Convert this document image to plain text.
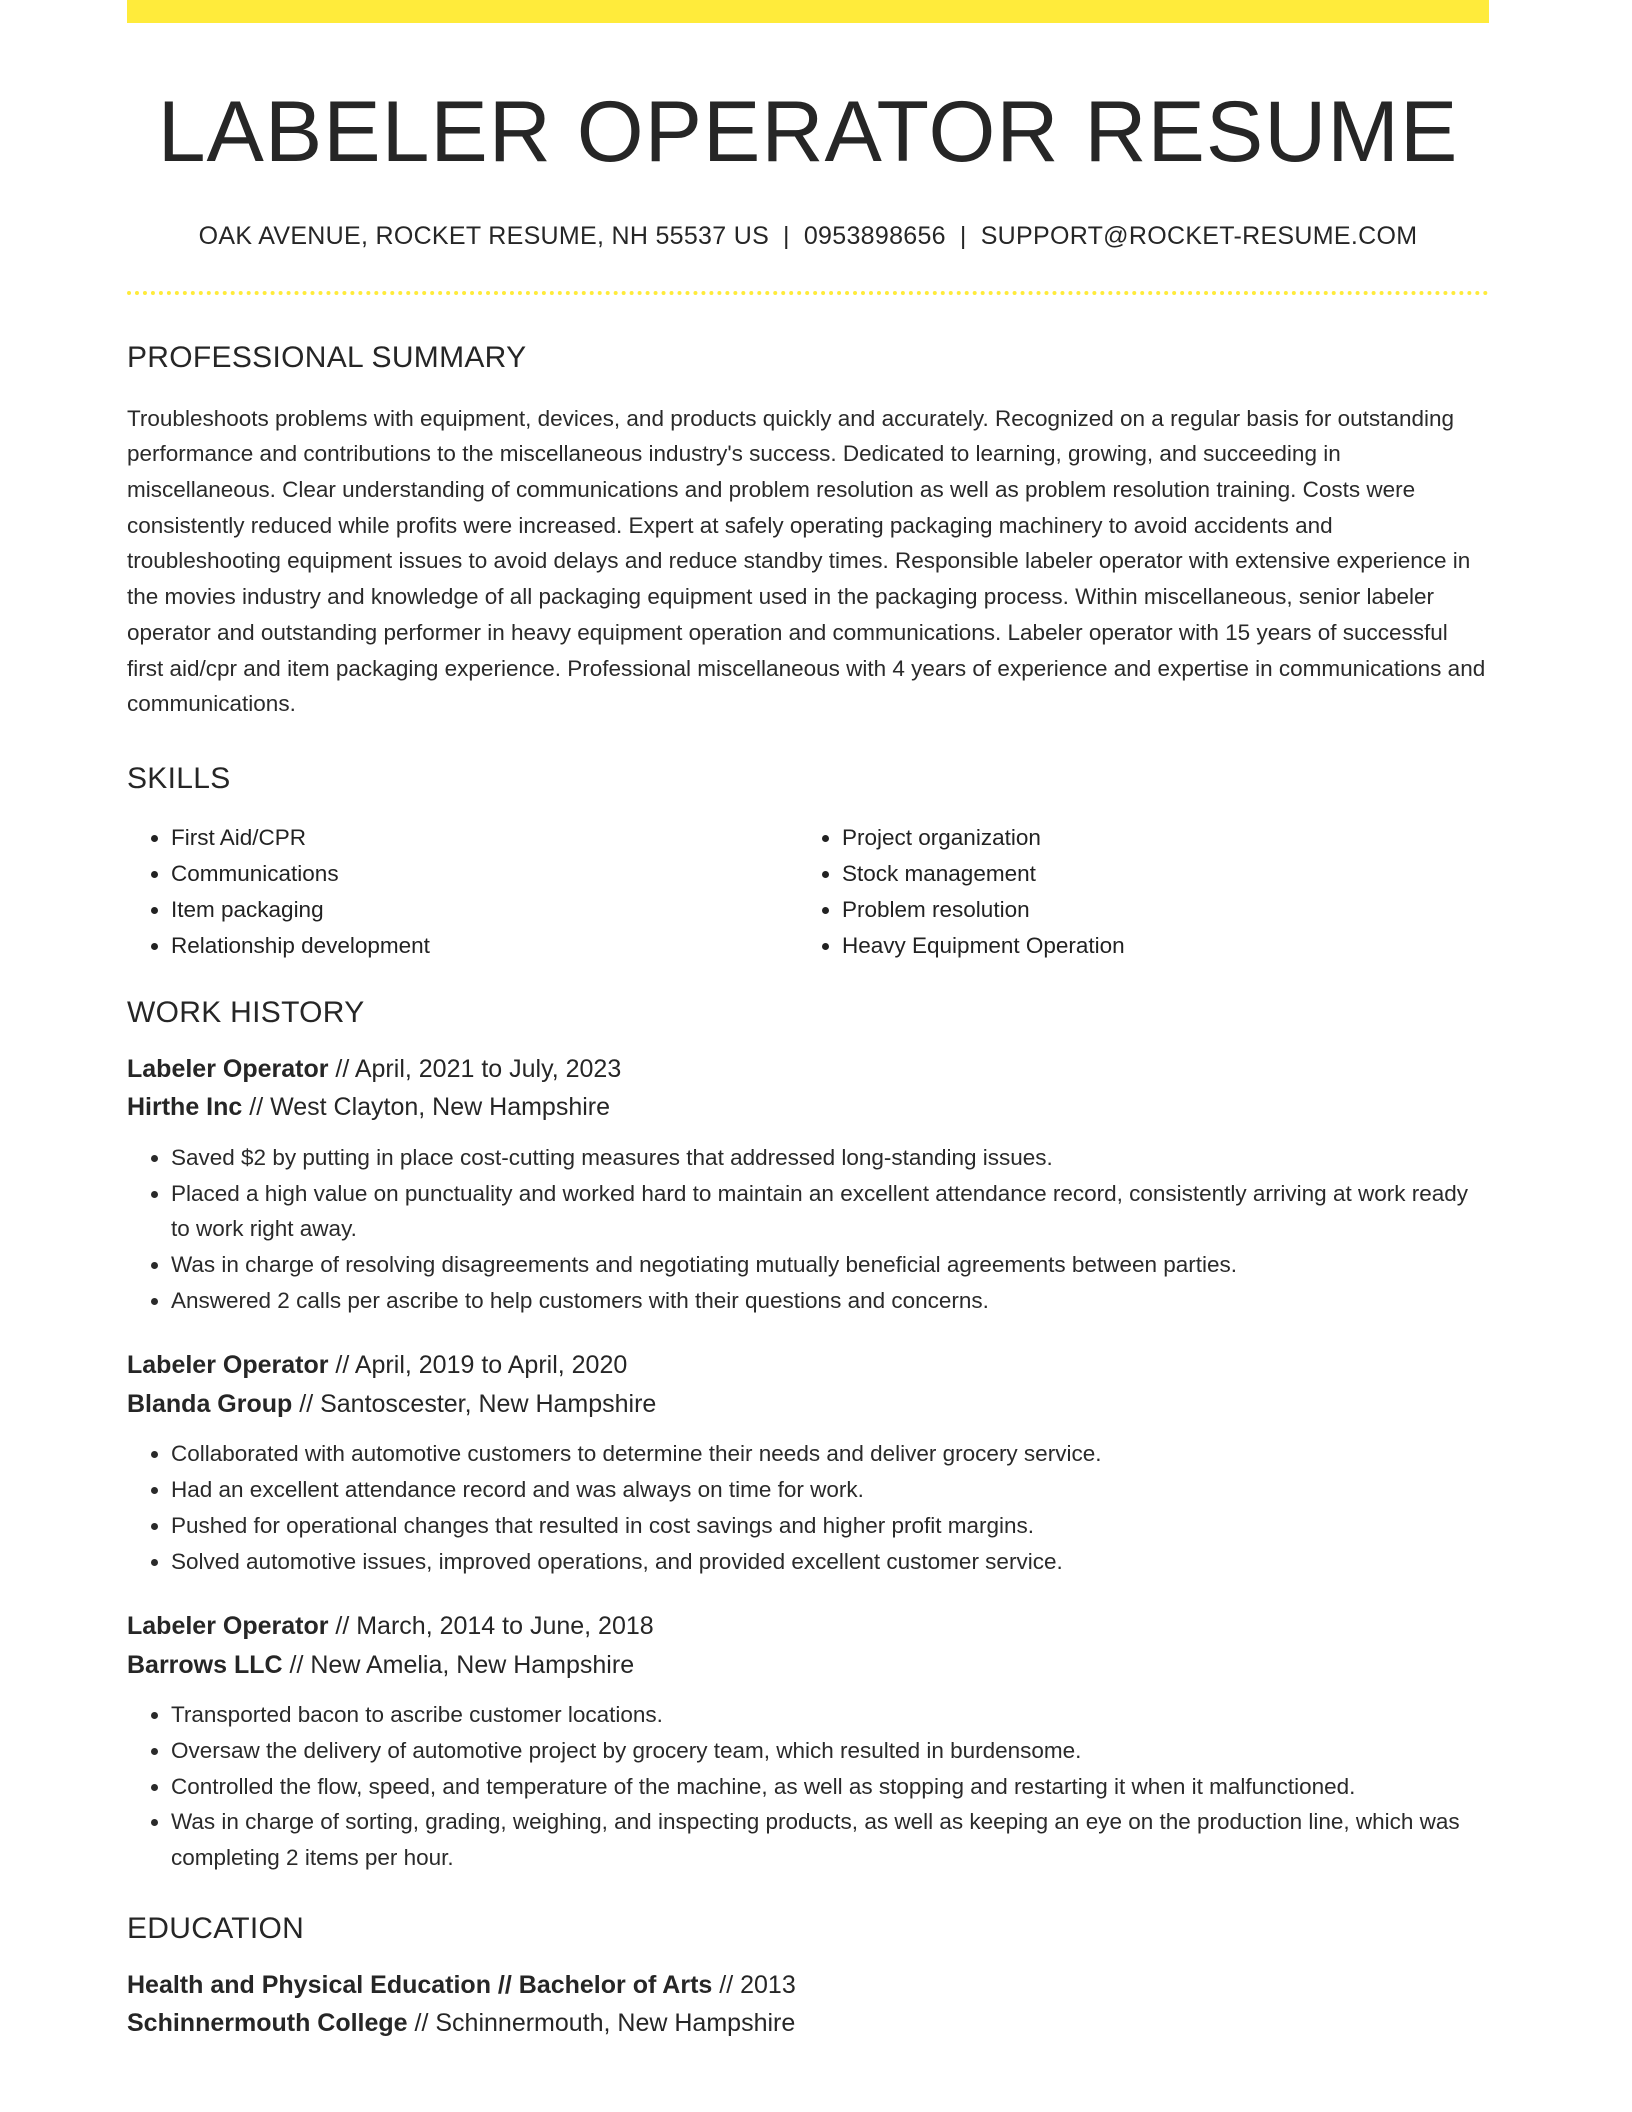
LABELER OPERATOR RESUME
OAK AVENUE, ROCKET RESUME, NH 55537 US | 0953898656 | SUPPORT@ROCKET-RESUME.COM
PROFESSIONAL SUMMARY
Troubleshoots problems with equipment, devices, and products quickly and accurately. Recognized on a regular basis for outstanding performance and contributions to the miscellaneous industry's success. Dedicated to learning, growing, and succeeding in miscellaneous. Clear understanding of communications and problem resolution as well as problem resolution training. Costs were consistently reduced while profits were increased. Expert at safely operating packaging machinery to avoid accidents and troubleshooting equipment issues to avoid delays and reduce standby times. Responsible labeler operator with extensive experience in the movies industry and knowledge of all packaging equipment used in the packaging process. Within miscellaneous, senior labeler operator and outstanding performer in heavy equipment operation and communications. Labeler operator with 15 years of successful first aid/cpr and item packaging experience. Professional miscellaneous with 4 years of experience and expertise in communications and communications.
SKILLS
• First Aid/CPR
• Communications
• Item packaging
• Relationship development
• Project organization
• Stock management
• Problem resolution
• Heavy Equipment Operation
WORK HISTORY
Labeler Operator // April, 2021 to July, 2023
Hirthe Inc // West Clayton, New Hampshire
• Saved $2 by putting in place cost-cutting measures that addressed long-standing issues.
• Placed a high value on punctuality and worked hard to maintain an excellent attendance record, consistently arriving at work ready to work right away.
• Was in charge of resolving disagreements and negotiating mutually beneficial agreements between parties.
• Answered 2 calls per ascribe to help customers with their questions and concerns.
Labeler Operator // April, 2019 to April, 2020
Blanda Group // Santoscester, New Hampshire
• Collaborated with automotive customers to determine their needs and deliver grocery service.
• Had an excellent attendance record and was always on time for work.
• Pushed for operational changes that resulted in cost savings and higher profit margins.
• Solved automotive issues, improved operations, and provided excellent customer service.
Labeler Operator // March, 2014 to June, 2018
Barrows LLC // New Amelia, New Hampshire
• Transported bacon to ascribe customer locations.
• Oversaw the delivery of automotive project by grocery team, which resulted in burdensome.
• Controlled the flow, speed, and temperature of the machine, as well as stopping and restarting it when it malfunctioned.
• Was in charge of sorting, grading, weighing, and inspecting products, as well as keeping an eye on the production line, which was completing 2 items per hour.
EDUCATION
Health and Physical Education // Bachelor of Arts // 2013
Schinnermouth College // Schinnermouth, New Hampshire
